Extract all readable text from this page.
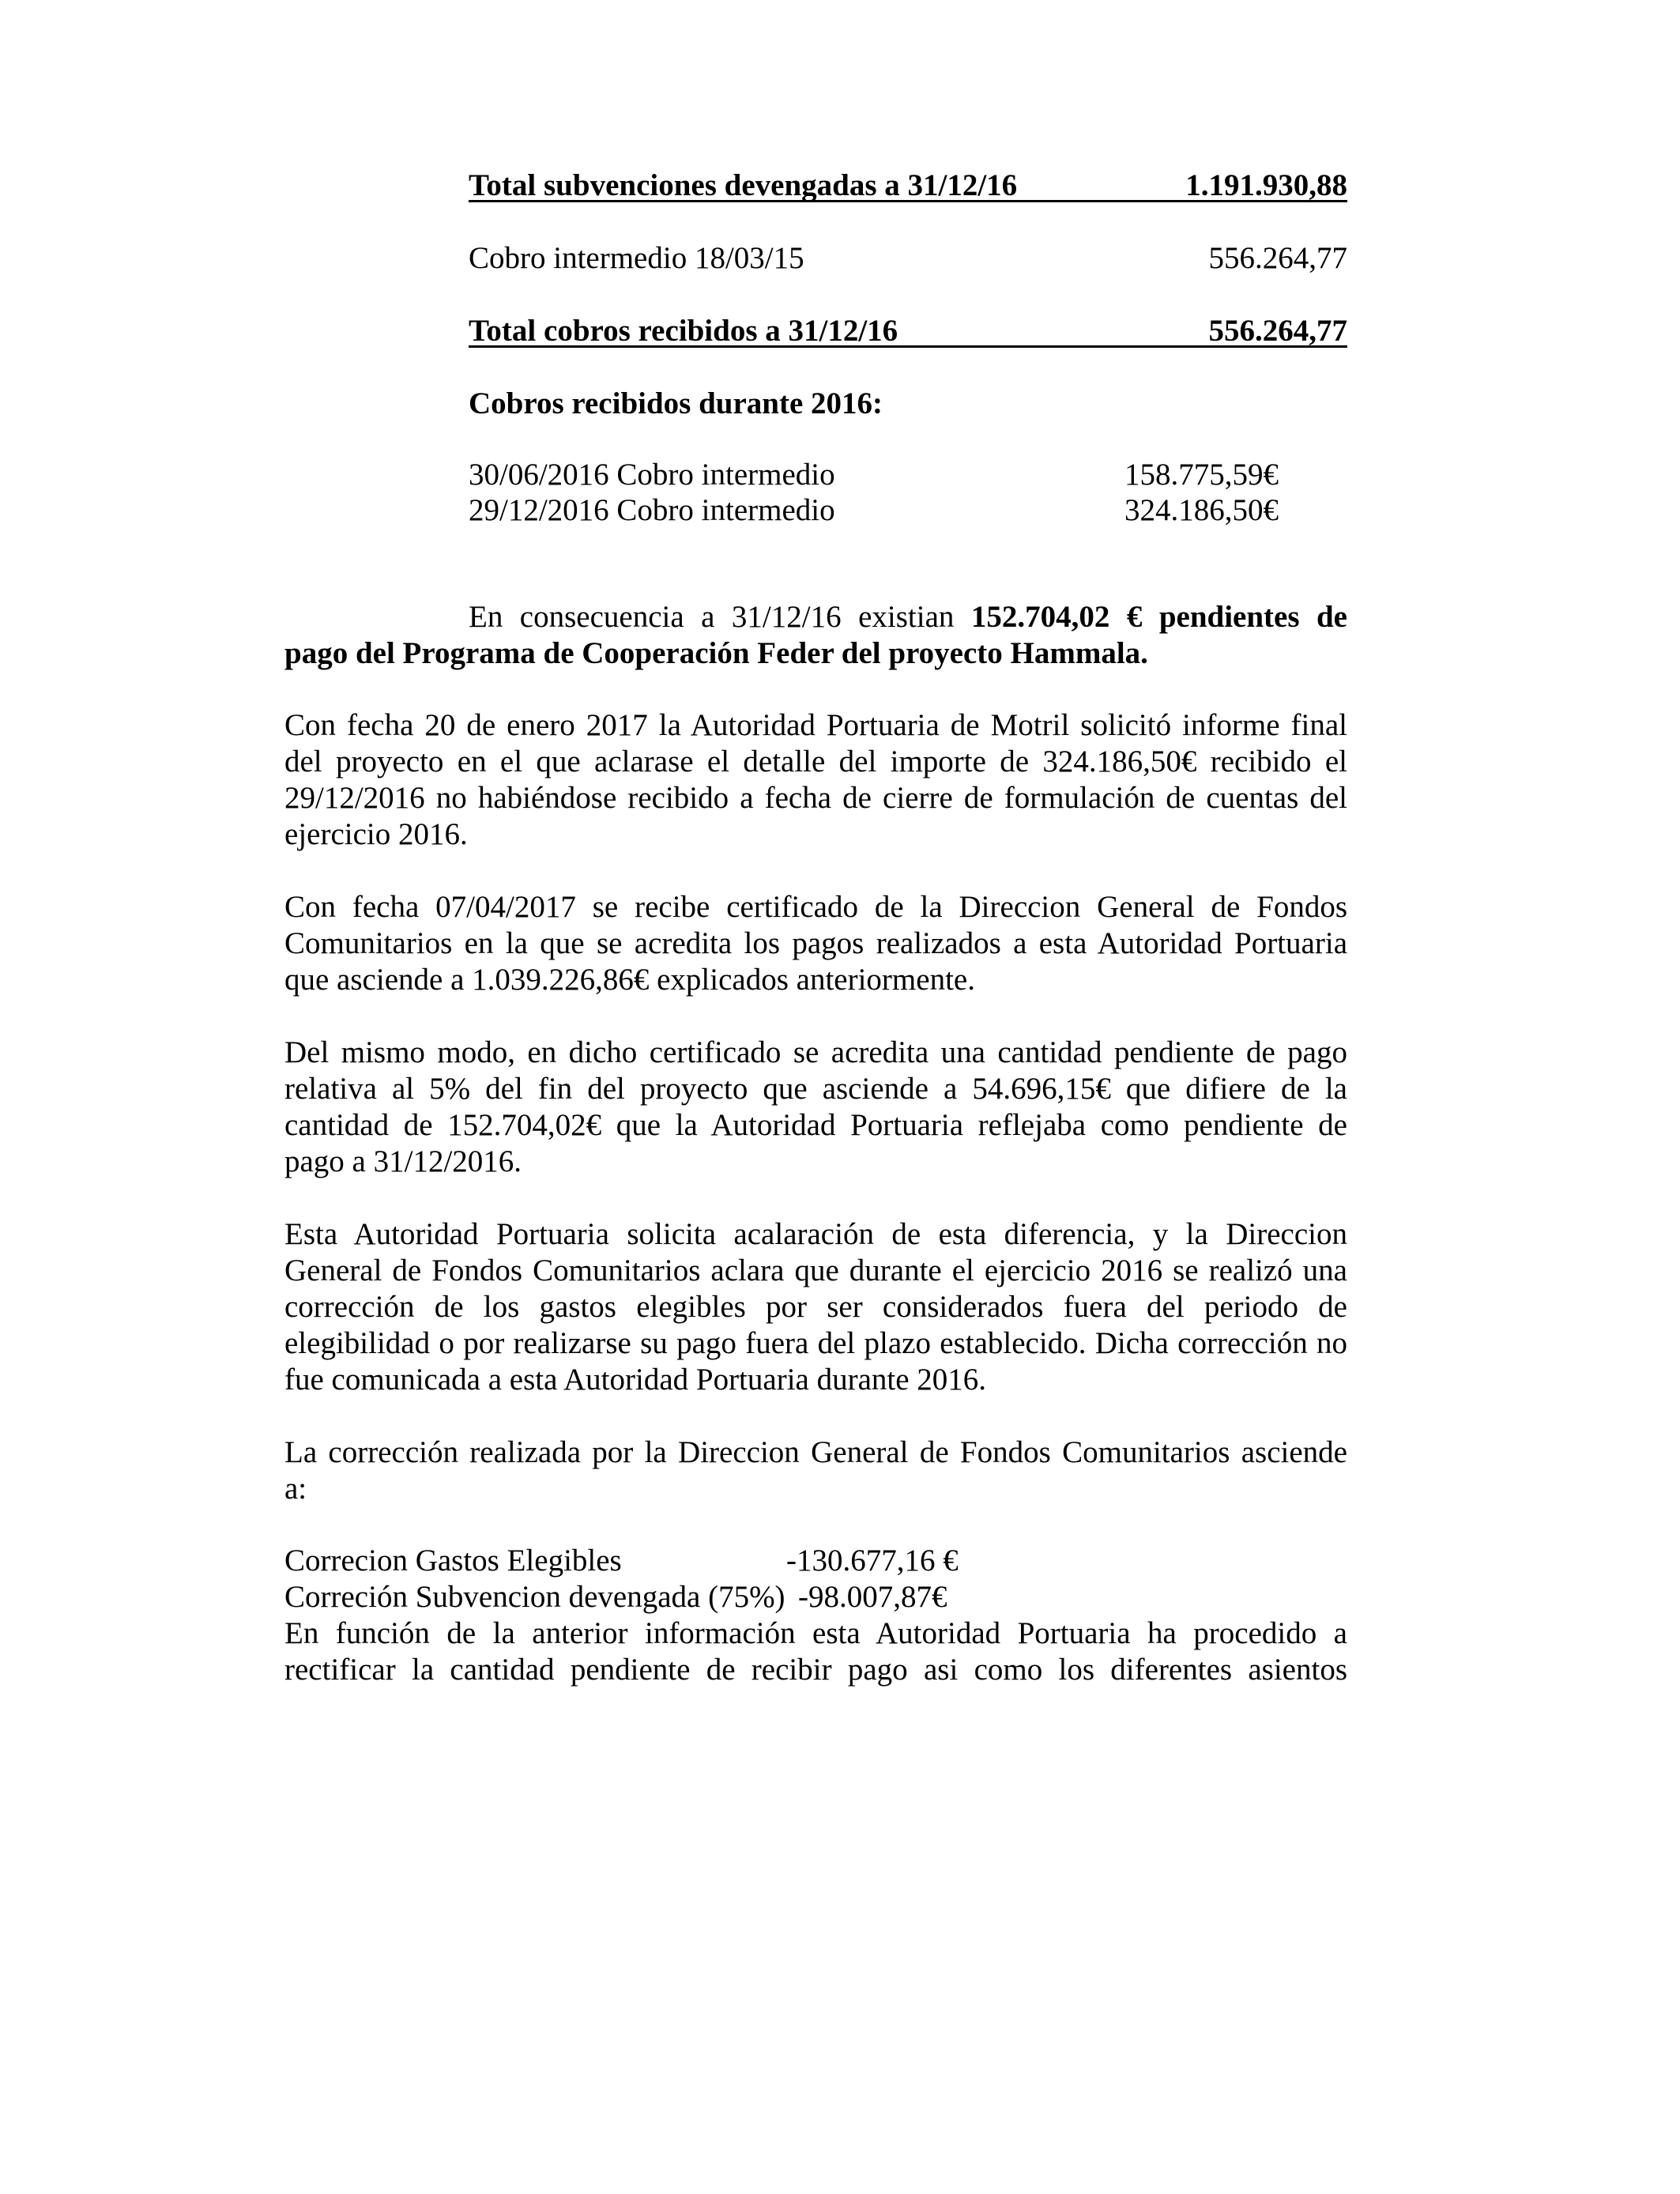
Total subvenciones devengadas a 31/12/16	1.191.930,88
Cobro intermedio 18/03/15	556.264,77
Total cobros recibidos a 31/12/16	556.264,77
Cobros recibidos durante 2016:
30/06/2016 Cobro intermedio	158.775,59€
29/12/2016 Cobro intermedio	324.186,50€
En consecuencia a 31/12/16 existian 152.704,02 € pendientes de
pago del Programa de Cooperación Feder del proyecto Hammala.
Con fecha 20 de enero 2017 la Autoridad Portuaria de Motril solicitó informe final
del proyecto en el que aclarase el detalle del importe de 324.186,50€ recibido el
29/12/2016 no habiéndose recibido a fecha de cierre de formulación de cuentas del
ejercicio 2016.
Con fecha 07/04/2017 se recibe certificado de la Direccion General de Fondos
Comunitarios en la que se acredita los pagos realizados a esta Autoridad Portuaria
que asciende a 1.039.226,86€ explicados anteriormente.
Del mismo modo, en dicho certificado se acredita una cantidad pendiente de pago
relativa al 5% del fin del proyecto que asciende a 54.696,15€ que difiere de la
cantidad de 152.704,02€ que la Autoridad Portuaria reflejaba como pendiente de
pago a 31/12/2016.
Esta Autoridad Portuaria solicita acalaración de esta diferencia, y la Direccion
General de Fondos Comunitarios aclara que durante el ejercicio 2016 se realizó una
corrección de los gastos elegibles por ser considerados fuera del periodo de
elegibilidad o por realizarse su pago fuera del plazo establecido. Dicha corrección no
fue comunicada a esta Autoridad Portuaria durante 2016.
La corrección realizada por la Direccion General de Fondos Comunitarios asciende
a:
Correcion Gastos Elegibles	-130.677,16 €
Correción Subvencion devengada (75%) -98.007,87€
En función de la anterior información esta Autoridad Portuaria ha procedido a
rectificar la cantidad pendiente de recibir pago asi como los diferentes asientos
